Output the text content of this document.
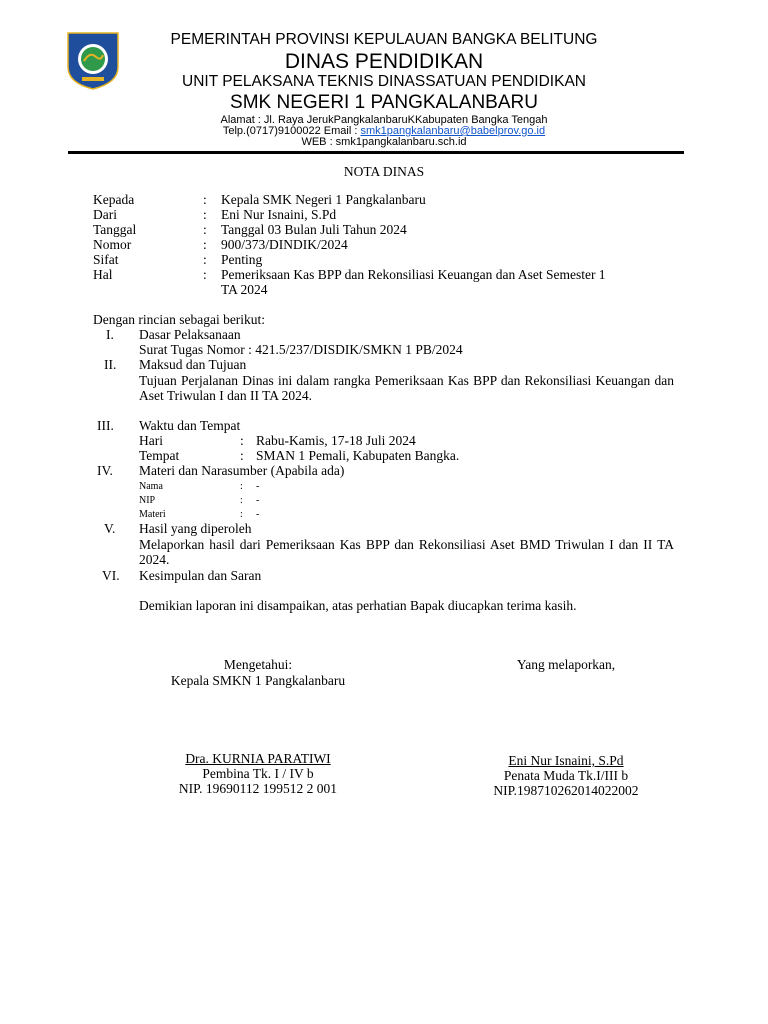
PEMERINTAH PROVINSI KEPULAUAN BANGKA BELITUNG
DINAS PENDIDIKAN
UNIT PELAKSANA TEKNIS DINASSATUAN PENDIDIKAN
SMK NEGERI 1 PANGKALANBARU
Alamat : Jl. Raya JerukPangkalanbaruKKabupaten Bangka Tengah
Telp.(0717)9100022 Email : smk1pangkalanbaru@babelprov.go.id
WEB : smk1pangkalanbaru.sch.id
NOTA DINAS
Kepada	: Kepala SMK Negeri 1 Pangkalanbaru
Dari	: Eni Nur Isnaini, S.Pd
Tanggal	: Tanggal 03 Bulan Juli Tahun 2024
Nomor	: 900/373/DINDIK/2024
Sifat	: Penting
Hal	: Pemeriksaan Kas BPP dan Rekonsiliasi Keuangan dan Aset Semester 1
TA 2024
Dengan rincian sebagai berikut:
I. Dasar Pelaksanaan
Surat Tugas Nomor : 421.5/237/DISDIK/SMKN 1 PB/2024
II. Maksud dan Tujuan
Tujuan Perjalanan Dinas ini dalam rangka Pemeriksaan Kas BPP dan Rekonsiliasi Keuangan dan Aset Triwulan I dan II TA 2024.
III. Waktu dan Tempat
Hari	: Rabu-Kamis, 17-18 Juli 2024
Tempat	: SMAN 1 Pemali, Kabupaten Bangka.
IV. Materi dan Narasumber (Apabila ada)
Nama	: -
NIP	: -
Materi	: -
V. Hasil yang diperoleh
Melaporkan hasil dari Pemeriksaan Kas BPP dan Rekonsiliasi Aset BMD Triwulan I dan II TA 2024.
VI. Kesimpulan dan Saran
Demikian laporan ini disampaikan, atas perhatian Bapak diucapkan terima kasih.
Mengetahui:
Kepala SMKN 1 Pangkalanbaru
Dra. KURNIA PARATIWI
Pembina Tk. I / IV b
NIP. 19690112 199512 2 001
Yang melaporkan,
Eni Nur Isnaini, S.Pd
Penata Muda Tk.I/III b
NIP.198710262014022002
